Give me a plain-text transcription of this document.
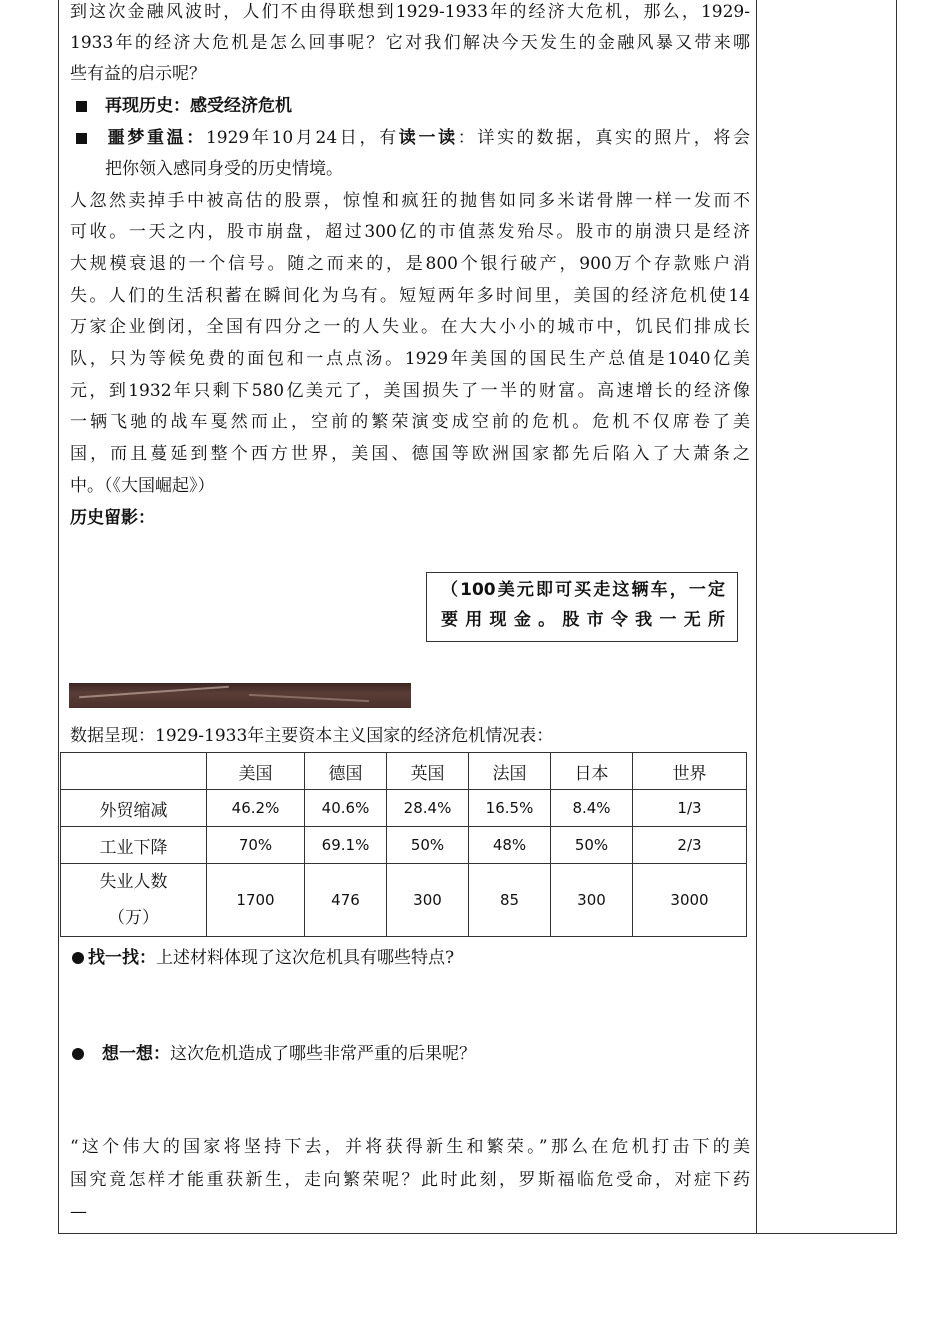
到这次金融风波时，人们不由得联想到1929-1933年的经济大危机，那么，1929-
1933年的经济大危机是怎么回事呢？它对我们解决今天发生的金融风暴又带来哪
些有益的启示呢？
再现历史：感受经济危机
噩梦重温：1929年10月24日，有读一读：详实的数据，真实的照片，将会
把你领入感同身受的历史情境。
人忽然卖掉手中被高估的股票，惊惶和疯狂的抛售如同多米诺骨牌一样一发而不
可收。一天之内，股市崩盘，超过300亿的市值蒸发殆尽。股市的崩溃只是经济
大规模衰退的一个信号。随之而来的，是800个银行破产，900万个存款账户消
失。人们的生活积蓄在瞬间化为乌有。短短两年多时间里，美国的经济危机使14
万家企业倒闭，全国有四分之一的人失业。在大大小小的城市中，饥民们排成长
队，只为等候免费的面包和一点点汤。1929年美国的国民生产总值是1040亿美
元，到1932年只剩下580亿美元了，美国损失了一半的财富。高速增长的经济像
一辆飞驰的战车戛然而止，空前的繁荣演变成空前的危机。危机不仅席卷了美
国，而且蔓延到整个西方世界，美国、德国等欧洲国家都先后陷入了大萧条之
中。（《大国崛起》）
历史留影：
（100美元即可买走这辆车，一定
要用现金。股市令我一无所
数据呈现：1929-1933年主要资本主义国家的经济危机情况表：
	美国	德国	英国	法国	日本	世界
外贸缩减	46.2%	40.6%	28.4%	16.5%	8.4%	1/3
工业下降	70%	69.1%	50%	48%	50%	2/3

失业人数
（万）	1700	476	300	85	300	3000
找一找：上述材料体现了这次危机具有哪些特点?
想一想：这次危机造成了哪些非常严重的后果呢？
“这个伟大的国家将坚持下去，并将获得新生和繁荣。”那么在危机打击下的美
国究竟怎样才能重获新生，走向繁荣呢？此时此刻，罗斯福临危受命，对症下药
—
